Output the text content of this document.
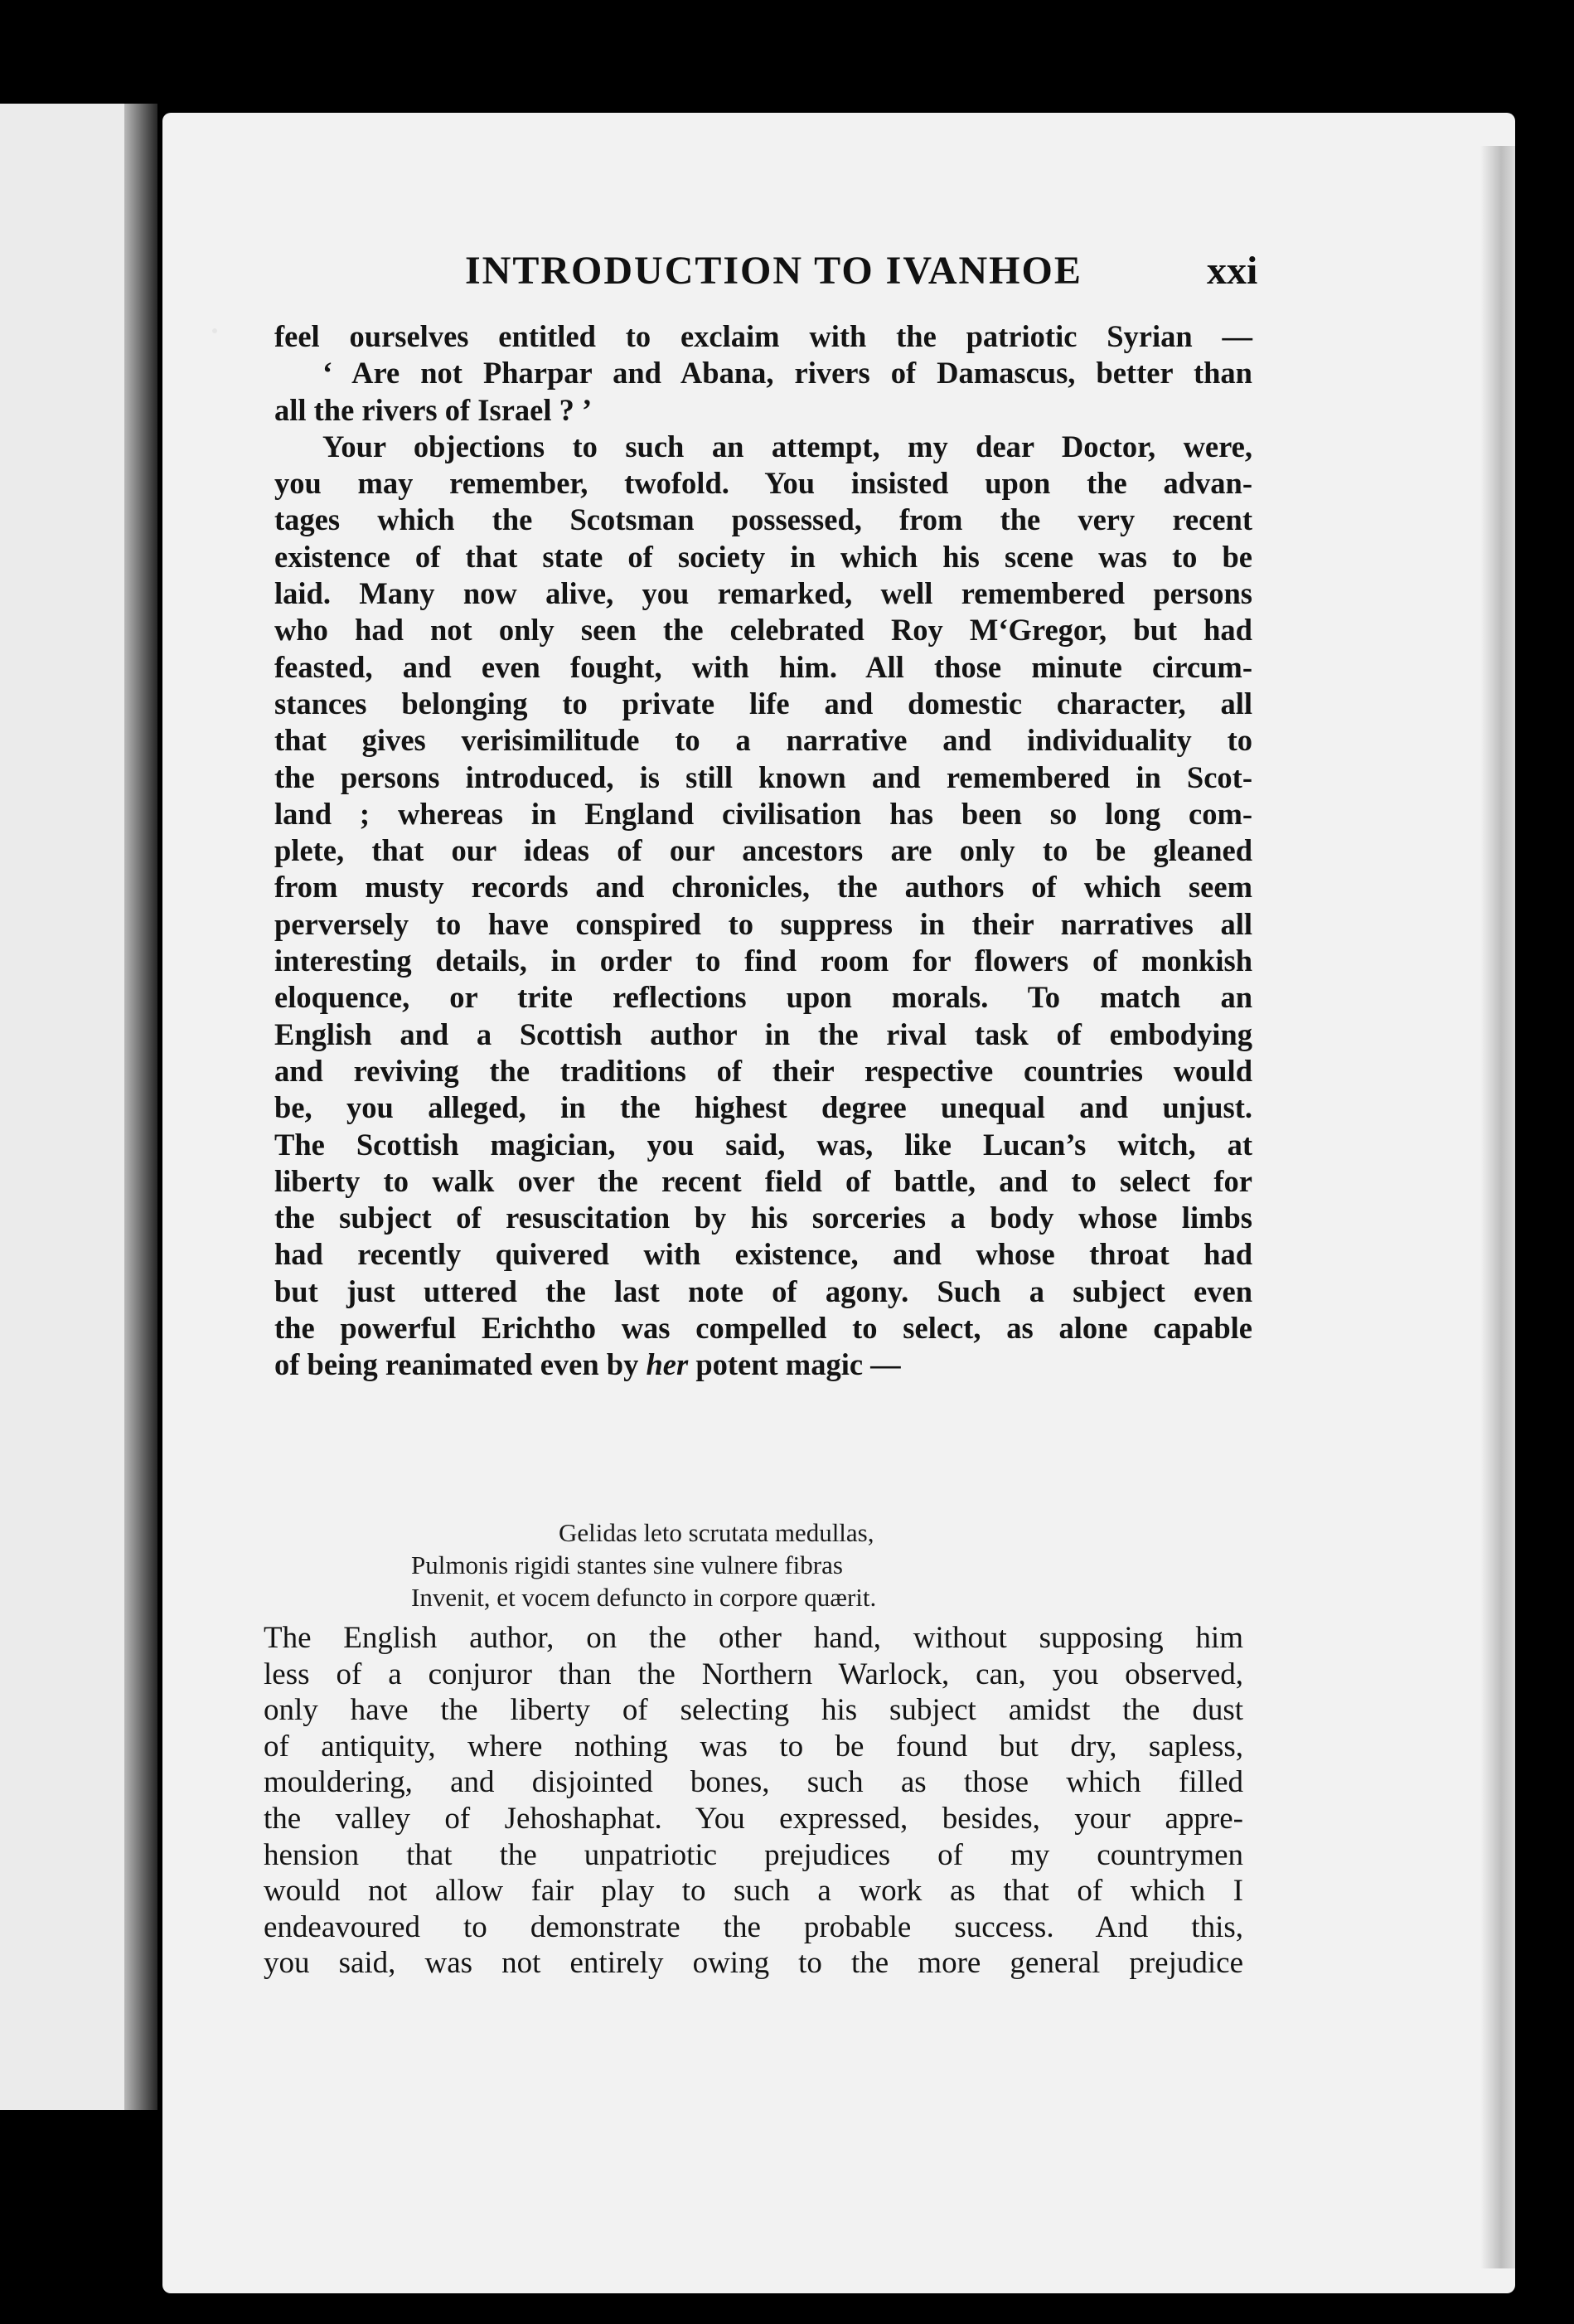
INTRODUCTION TO IVANHOE	xxi
feel ourselves entitled to exclaim with the patriotic Syrian —
‘ Are not Pharpar and Abana, rivers of Damascus, better than
all the rivers of Israel ? ’
Your objections to such an attempt, my dear Doctor, were,
you may remember, twofold. You insisted upon the advan-
tages which the Scotsman possessed, from the very recent
existence of that state of society in which his scene was to be
laid. Many now alive, you remarked, well remembered persons
who had not only seen the celebrated Roy M‘Gregor, but had
feasted, and even fought, with him. All those minute circum-
stances belonging to private life and domestic character, all
that gives verisimilitude to a narrative and individuality to
the persons introduced, is still known and remembered in Scot-
land ; whereas in England civilisation has been so long com-
plete, that our ideas of our ancestors are only to be gleaned
from musty records and chronicles, the authors of which seem
perversely to have conspired to suppress in their narratives all
interesting details, in order to find room for flowers of monkish
eloquence, or trite reflections upon morals. To match an
English and a Scottish author in the rival task of embodying
and reviving the traditions of their respective countries would
be, you alleged, in the highest degree unequal and unjust.
The Scottish magician, you said, was, like Lucan’s witch, at
liberty to walk over the recent field of battle, and to select for
the subject of resuscitation by his sorceries a body whose limbs
had recently quivered with existence, and whose throat had
but just uttered the last note of agony. Such a subject even
the powerful Erichtho was compelled to select, as alone capable
of being reanimated even by her potent magic —
Gelidas leto scrutata medullas,
Pulmonis rigidi stantes sine vulnere fibras
Invenit, et vocem defuncto in corpore quærit.
The English author, on the other hand, without supposing him
less of a conjuror than the Northern Warlock, can, you observed,
only have the liberty of selecting his subject amidst the dust
of antiquity, where nothing was to be found but dry, sapless,
mouldering, and disjointed bones, such as those which filled
the valley of Jehoshaphat. You expressed, besides, your appre-
hension that the unpatriotic prejudices of my countrymen
would not allow fair play to such a work as that of which I
endeavoured to demonstrate the probable success. And this,
you said, was not entirely owing to the more general prejudice
